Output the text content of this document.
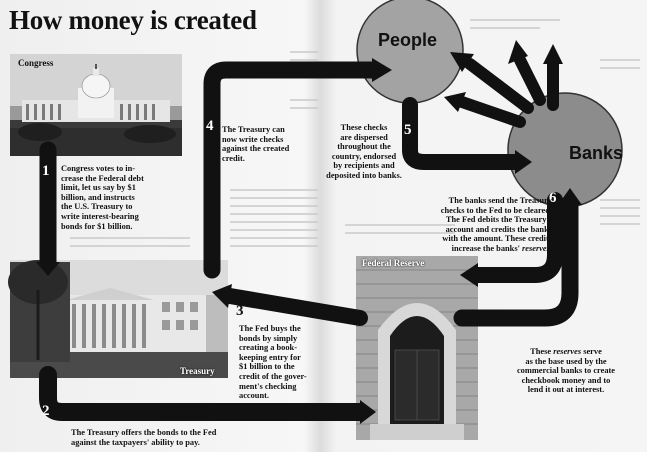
How money is created
People
Banks
Congress
Treasury
Federal Reserve
1
2
3
4	5
6
Congress votes to in-
crease the Federal debt
limit, let us say by $1
billion, and instructs
the U.S. Treasury to
write interest-bearing
bonds for $1 billion.
The Treasury offers the bonds to the Fed
against the taxpayers' ability to pay.
The Fed buys the
bonds by simply
creating a book-
keeping entry for
$1 billion to the
credit of the gover-
ment's checking
account.
The Treasury can
now write checks
against the created
credit.
These checks
are dispersed
throughout the
country, endorsed
by recipients and
deposited into banks.
The banks send the Treasury
checks to the Fed to be cleared.
The Fed debits the Treasury's
account and credits the banks
with the amount. These credits
increase the banks' reserves.
These reserves serve
as the base used by the
commercial banks to create
checkbook money and to
lend it out at interest.
